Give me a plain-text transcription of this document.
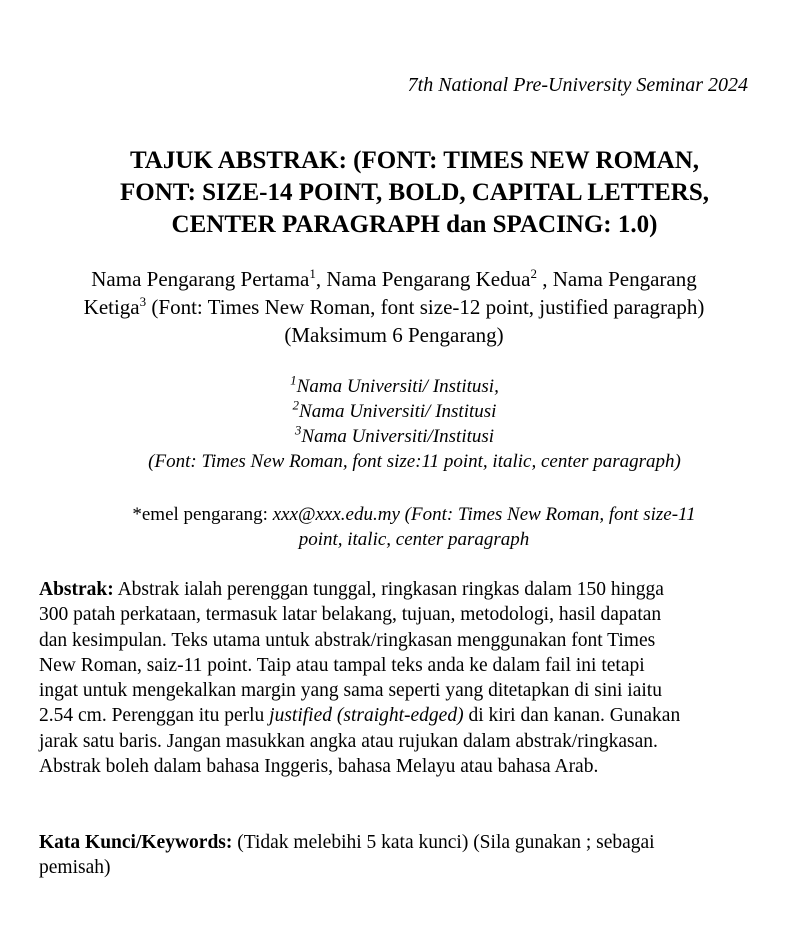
7th National Pre-University Seminar 2024
TAJUK ABSTRAK: (FONT: TIMES NEW ROMAN,
FONT: SIZE-14 POINT, BOLD, CAPITAL LETTERS,
CENTER PARAGRAPH dan SPACING: 1.0)
Nama Pengarang Pertama$^1$, Nama Pengarang Kedua$^2$ , Nama Pengarang
Ketiga$^3$ (Font: Times New Roman, font size-12 point, justified paragraph)
(Maksimum 6 Pengarang)
$^1$Nama Universiti/ Institusi,
$^2$Nama Universiti/ Institusi
$^3$Nama Universiti/Institusi
(Font: Times New Roman, font size:11 point, italic, center paragraph)
*emel pengarang: xxx@xxx.edu.my (Font: Times New Roman, font size-11
point, italic, center paragraph
Abstrak: Abstrak ialah perenggan tunggal, ringkasan ringkas dalam 150 hingga
300 patah perkataan, termasuk latar belakang, tujuan, metodologi, hasil dapatan
dan kesimpulan. Teks utama untuk abstrak/ringkasan menggunakan font Times
New Roman, saiz-11 point. Taip atau tampal teks anda ke dalam fail ini tetapi
ingat untuk mengekalkan margin yang sama seperti yang ditetapkan di sini iaitu
2.54 cm. Perenggan itu perlu justified (straight-edged) di kiri dan kanan. Gunakan
jarak satu baris. Jangan masukkan angka atau rujukan dalam abstrak/ringkasan.
Abstrak boleh dalam bahasa Inggeris, bahasa Melayu atau bahasa Arab.
Kata Kunci/Keywords: (Tidak melebihi 5 kata kunci) (Sila gunakan ; sebagai
pemisah)
